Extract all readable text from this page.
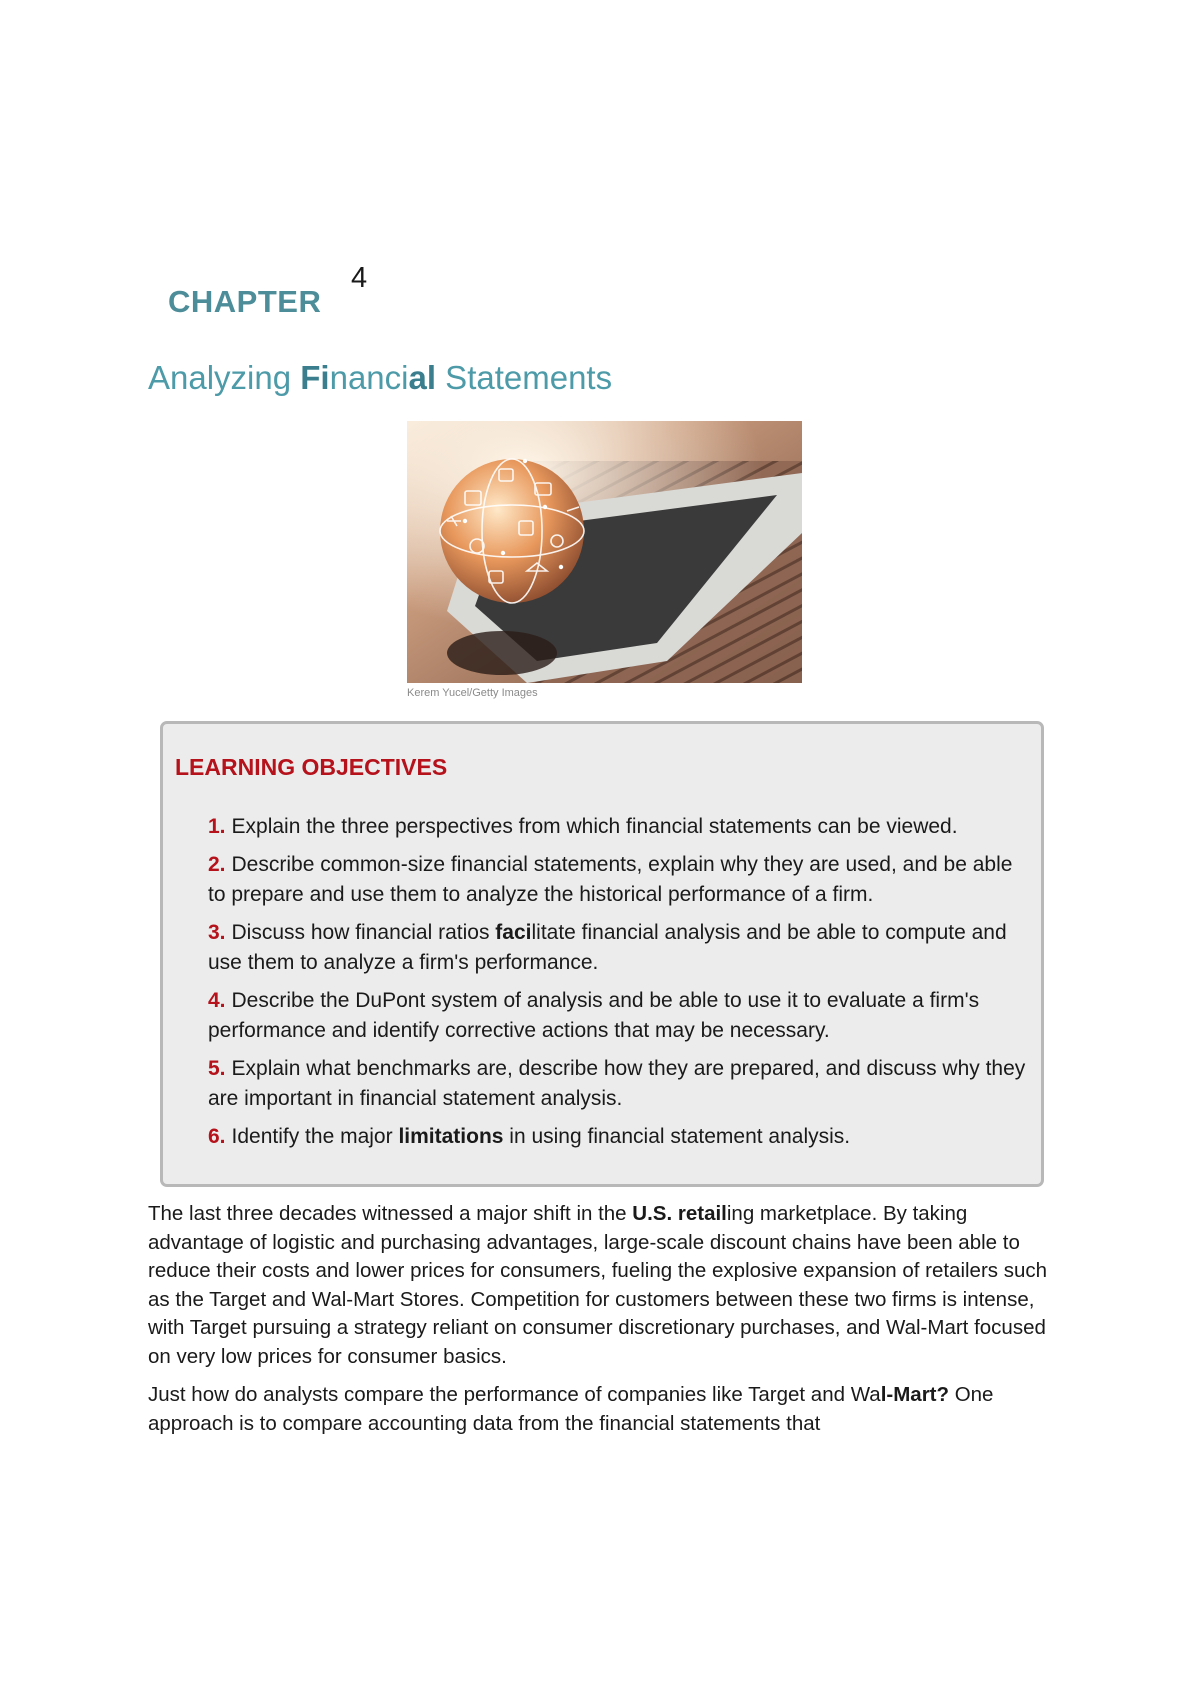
CHAPTER
4
Analyzing Financial Statements
Kerem Yucel/Getty Images
LEARNING OBJECTIVES
1. Explain the three perspectives from which financial statements can be viewed.
2. Describe common-size financial statements, explain why they are used, and be able to prepare and use them to analyze the historical performance of a firm.
3. Discuss how financial ratios facilitate financial analysis and be able to compute and use them to analyze a firm's performance.
4. Describe the DuPont system of analysis and be able to use it to evaluate a firm's performance and identify corrective actions that may be necessary.
5. Explain what benchmarks are, describe how they are prepared, and discuss why they are important in financial statement analysis.
6. Identify the major limitations in using financial statement analysis.

The last three decades witnessed a major shift in the U.S. retailing marketplace. By taking advantage of logistic and purchasing advantages, large-scale discount chains have been able to reduce their costs and lower prices for consumers, fueling the explosive expansion of retailers such as the Target and Wal-Mart Stores. Competition for customers between these two firms is intense, with Target pursuing a strategy reliant on consumer discretionary purchases, and Wal-Mart focused on very low prices for consumer basics.

Just how do analysts compare the performance of companies like Target and Wal-Mart? One approach is to compare accounting data from the financial statements that
